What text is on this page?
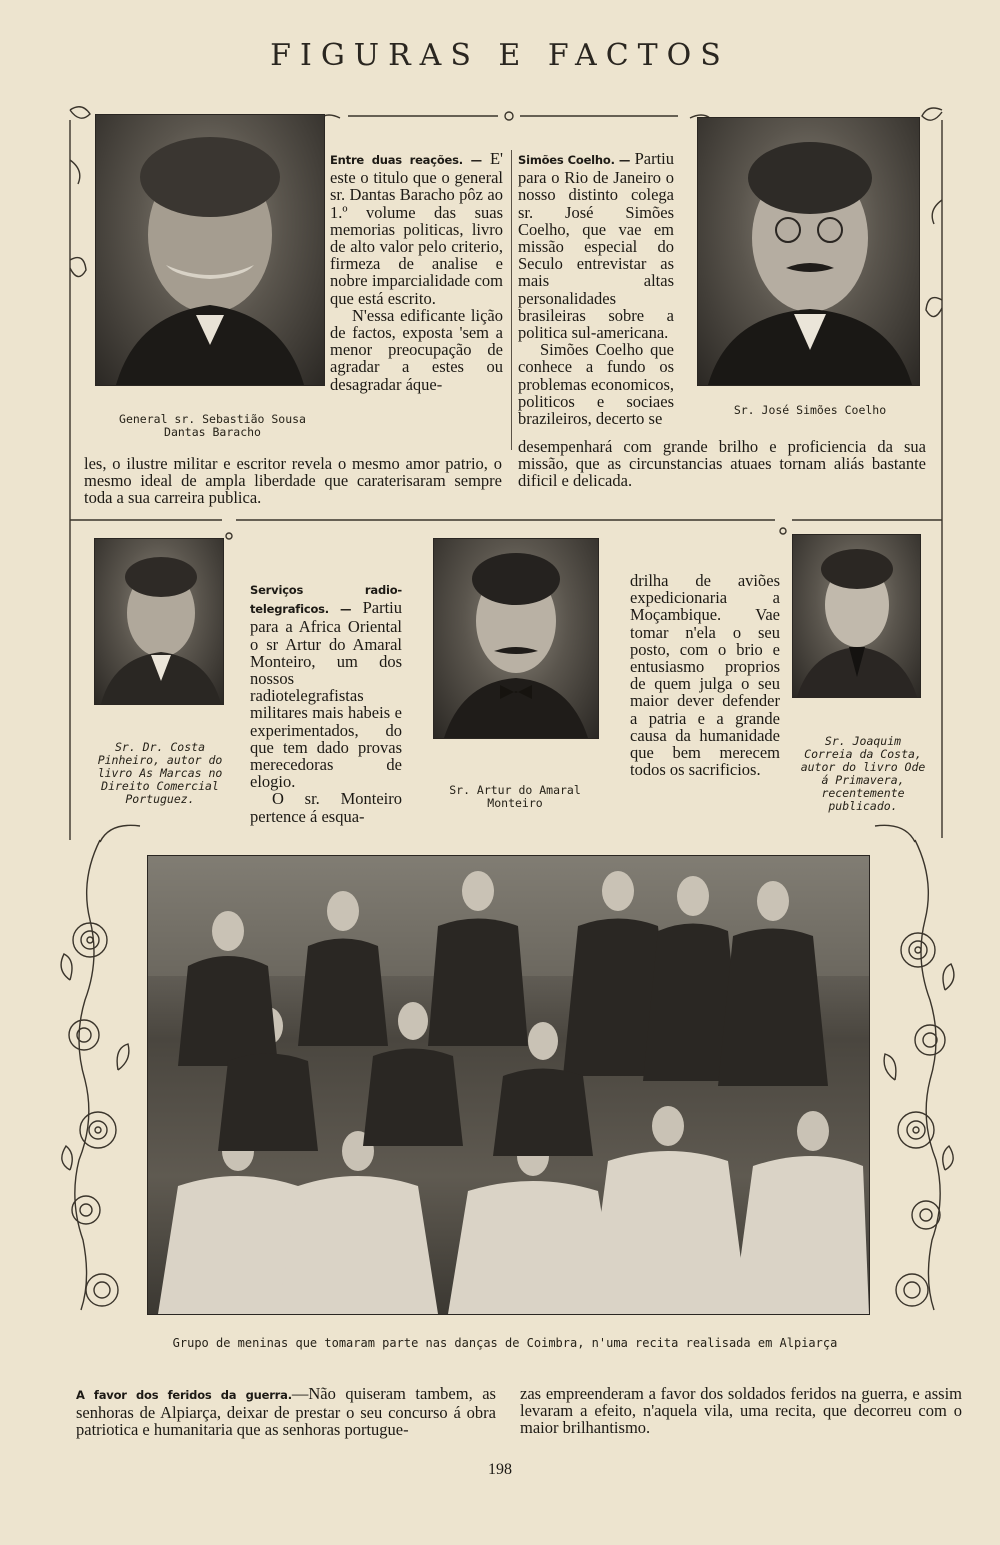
FIGURAS E FACTOS
General sr. Sebastião Sousa Dantas Baracho
Sr. José Simões Coelho

Entre duas reações. — E' este o titulo que o general sr. Dantas Baracho pôz ao 1.º volume das suas memorias politicas, livro de alto valor pelo criterio, firmeza de analise e nobre imparcialidade com que está escrito.

N'essa edificante lição de factos, exposta 'sem a menor preocupação de agradar a estes ou desagradar áque-

Simões Coelho. — Partiu para o Rio de Janeiro o nosso distinto colega sr. José Simões Coelho, que vae em missão especial do Seculo entrevistar as mais altas personalidades brasileiras sobre a politica sul-americana.

Simões Coelho que conhece a fundo os problemas economicos, politicos e sociaes brazileiros, decerto se

les, o ilustre militar e escritor revela o mesmo amor patrio, o mesmo ideal de ampla liberdade que caraterisaram sempre toda a sua carreira publica.
desempenhará com grande brilho e proficiencia da sua missão, que as circunstancias atuaes tornam aliás bastante dificil e delicada.
Sr. Dr. Costa Pinheiro, autor do livro As Marcas no Direito Comercial Portuguez.
Sr. Artur do Amaral Monteiro
Sr. Joaquim Correia da Costa, autor do livro Ode á Primavera, recentemente publicado.

Serviços radio-telegraficos. — Partiu para a Africa Oriental o sr Artur do Amaral Monteiro, um dos nossos radiotelegrafistas militares mais habeis e experimentados, do que tem dado provas merecedoras de elogio.

O sr. Monteiro pertence á esqua-

drilha de aviões expedicionaria a Moçambique. Vae tomar n'ela o seu posto, com o brio e entusiasmo proprios de quem julga o seu maior dever defender a patria e a grande causa da humanidade que bem merecem todos os sacrificios.
Grupo de meninas que tomaram parte nas danças de Coimbra, n'uma recita realisada em Alpiarça
A favor dos feridos da guerra.—Não quiseram tambem, as senhoras de Alpiarça, deixar de prestar o seu concurso á obra patriotica e humanitaria que as senhoras portugue-
zas empreenderam a favor dos soldados feridos na guerra, e assim levaram a efeito, n'aquela vila, uma recita, que decorreu com o maior brilhantismo.
198
